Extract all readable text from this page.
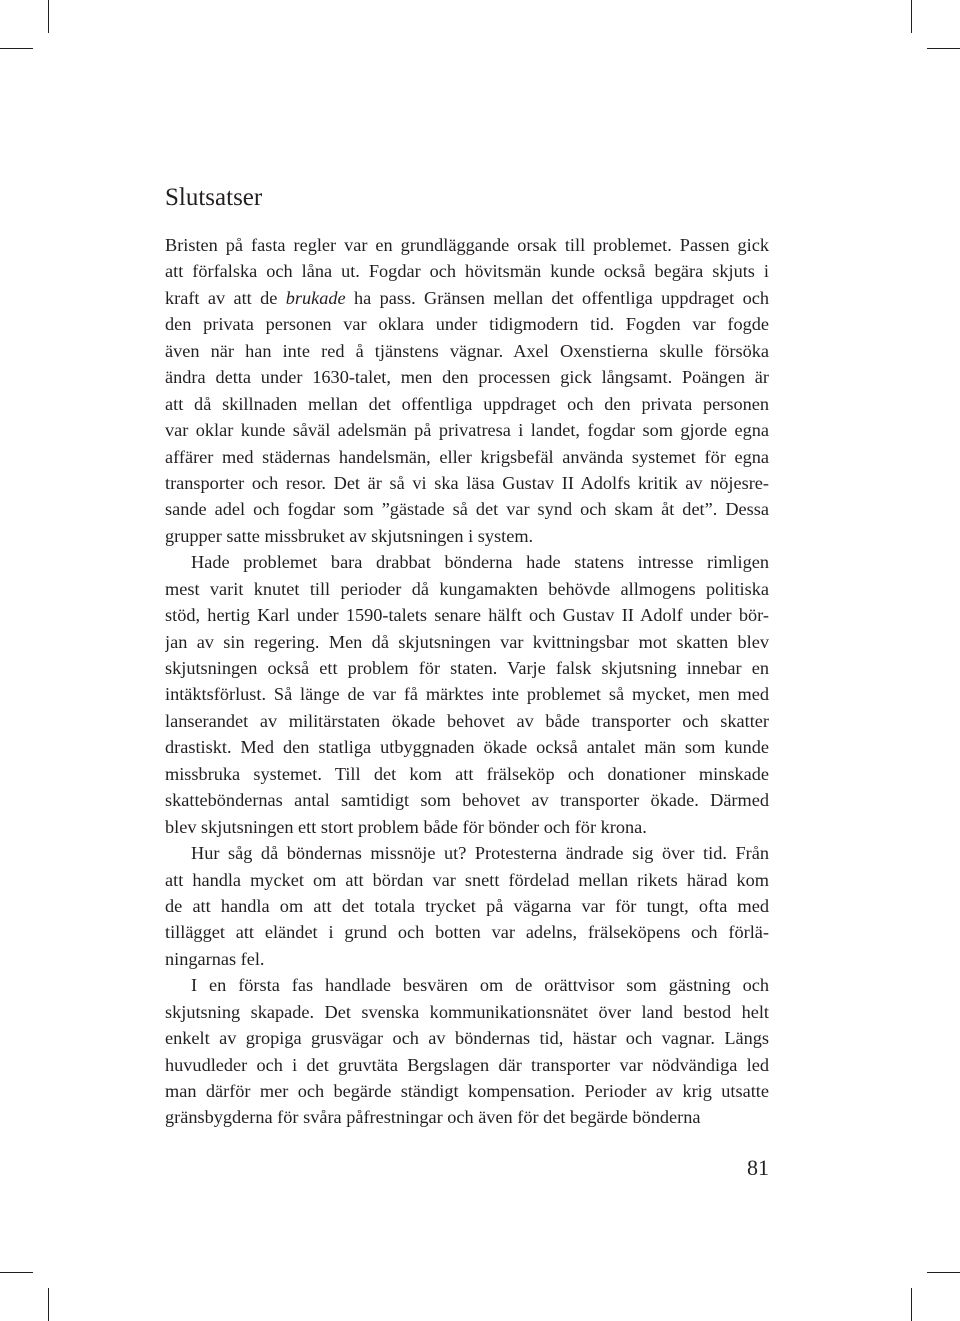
Slutsatser
Bristen på fasta regler var en grundläggande orsak till problemet. Passen gick
att förfalska och låna ut. Fogdar och hövitsmän kunde också begära skjuts i
kraft av att de brukade ha pass. Gränsen mellan det offentliga uppdraget och
den privata personen var oklara under tidigmodern tid. Fogden var fogde
även när han inte red å tjänstens vägnar. Axel Oxenstierna skulle försöka
ändra detta under 1630-talet, men den processen gick långsamt. Poängen är
att då skillnaden mellan det offentliga uppdraget och den privata personen
var oklar kunde såväl adelsmän på privatresa i landet, fogdar som gjorde egna
affärer med städernas handelsmän, eller krigsbefäl använda systemet för egna
transporter och resor. Det är så vi ska läsa Gustav II Adolfs kritik av nöjesre-
sande adel och fogdar som ”gästade så det var synd och skam åt det”. Dessa
grupper satte missbruket av skjutsningen i system.
Hade problemet bara drabbat bönderna hade statens intresse rimligen
mest varit knutet till perioder då kungamakten behövde allmogens politiska
stöd, hertig Karl under 1590-talets senare hälft och Gustav II Adolf under bör-
jan av sin regering. Men då skjutsningen var kvittningsbar mot skatten blev
skjutsningen också ett problem för staten. Varje falsk skjutsning innebar en
intäktsförlust. Så länge de var få märktes inte problemet så mycket, men med
lanserandet av militärstaten ökade behovet av både transporter och skatter
drastiskt. Med den statliga utbyggnaden ökade också antalet män som kunde
missbruka systemet. Till det kom att frälseköp och donationer minskade
skatteböndernas antal samtidigt som behovet av transporter ökade. Därmed
blev skjutsningen ett stort problem både för bönder och för krona.
Hur såg då böndernas missnöje ut? Protesterna ändrade sig över tid. Från
att handla mycket om att bördan var snett fördelad mellan rikets härad kom
de att handla om att det totala trycket på vägarna var för tungt, ofta med
tillägget att eländet i grund och botten var adelns, frälseköpens och förlä-
ningarnas fel.
I en första fas handlade besvären om de orättvisor som gästning och
skjutsning skapade. Det svenska kommunikationsnätet över land bestod helt
enkelt av gropiga grusvägar och av böndernas tid, hästar och vagnar. Längs
huvudleder och i det gruvtäta Bergslagen där transporter var nödvändiga led
man därför mer och begärde ständigt kompensation. Perioder av krig utsatte
gränsbygderna för svåra påfrestningar och även för det begärde bönderna
81
